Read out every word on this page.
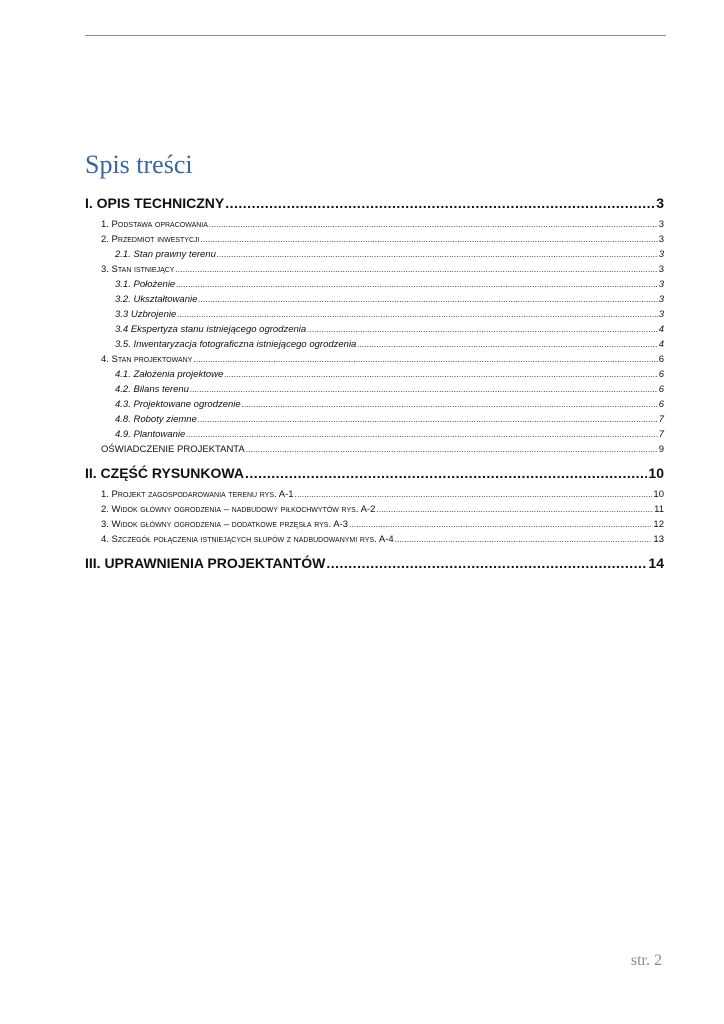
Spis treści
I. OPIS TECHNICZNY .....	3
1. Podstawa opracowania .....	3
2. Przedmiot inwestycji .....	3
2.1. Stan prawny terenu .....	3
3. Stan istniejący .....	3
3.1. Położenie .....	3
3.2. Ukształtowanie .....	3
3.3 Uzbrojenie .....	3
3.4 Ekspertyza stanu istniejącego ogrodzenia .....	4
3.5. Inwentaryzacja fotograficzna istniejącego ogrodzenia .....	4
4. Stan projektowany .....	6
4.1. Założenia projektowe .....	6
4.2. Bilans terenu .....	6
4.3. Projektowane ogrodzenie .....	6
4.8. Roboty ziemne .....	7
4.9. Plantowanie .....	7
OŚWIADCZENIE PROJEKTANTA .....	9
II. CZĘŚĆ RYSUNKOWA .....	10
1. Projekt zagospodarowania terenu rys. A-1 .....	10
2. Widok główny ogrodzenia – nadbudowy piłkochwytów rys. A-2 .....	11
3. Widok główny ogrodzenia – dodatkowe przęsła rys. A-3 .....	12
4. Szczegół połączenia istniejących słupów z nadbudowanymi rys. A-4 .....	13
III. UPRAWNIENIA PROJEKTANTÓW .....	14
str. 2
